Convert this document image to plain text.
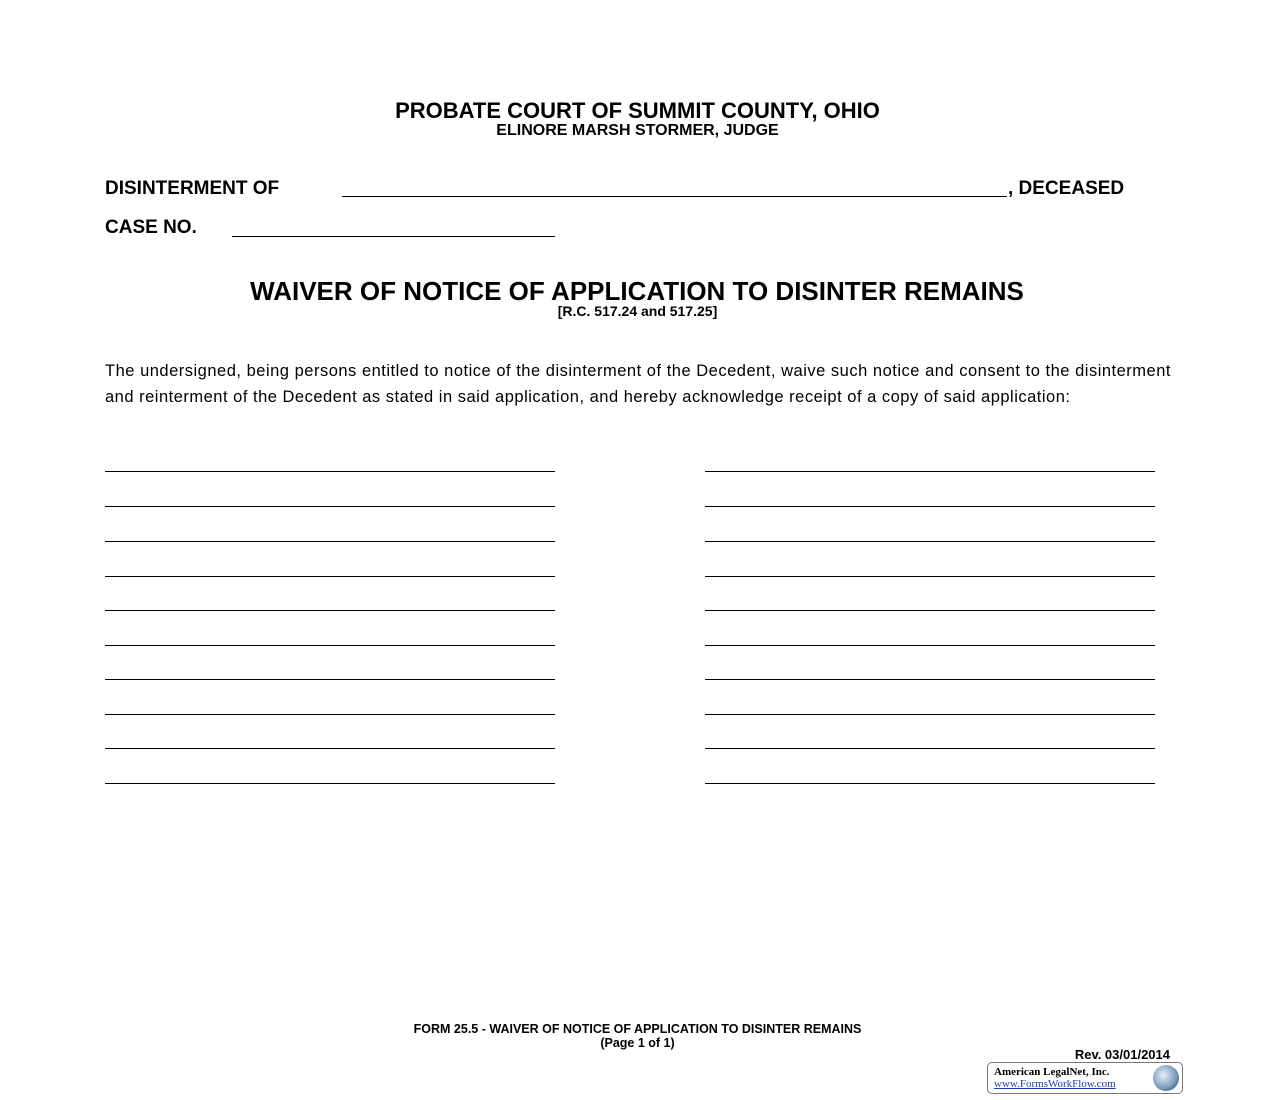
PROBATE COURT OF SUMMIT COUNTY, OHIO
ELINORE MARSH STORMER, JUDGE
DISINTERMENT OF	, DECEASED
CASE NO.
WAIVER OF NOTICE OF APPLICATION TO DISINTER REMAINS
[R.C. 517.24 and 517.25]
The undersigned, being persons entitled to notice of the disinterment of the Decedent, waive such notice and consent to the disinterment and reinterment of the Decedent as stated in said application, and hereby acknowledge receipt of a copy of said application:
FORM 25.5 - WAIVER OF NOTICE OF APPLICATION TO DISINTER REMAINS
(Page 1 of 1)
Rev. 03/01/2014
American LegalNet, Inc.
www.FormsWorkFlow.com
